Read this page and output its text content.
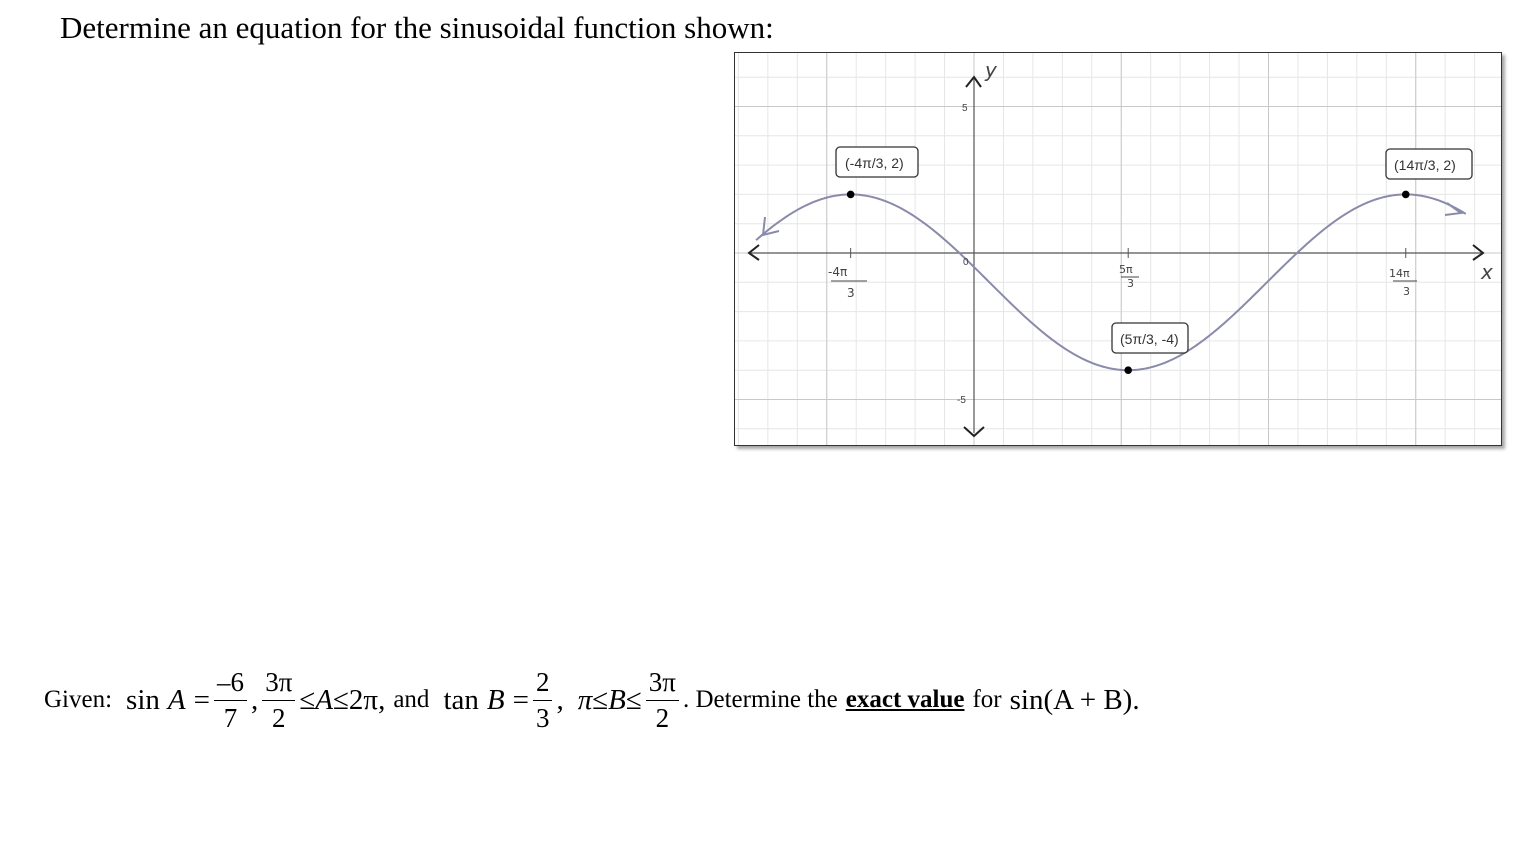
Determine an equation for the sinusoidal function shown:
y
x
5
-5
0
-4π
3
5π
3
14π
3
(-4π/3, 2)
(5π/3, -4)
(14π/3, 2)
Given: $\sin A = \frac{-6}{7}$ , $\frac{3\pi}{2} \le A \le 2\pi$ , and $\tan B = \frac{2}{3}$ , $\pi \le B \le \frac{3\pi}{2}$ . Determine the exact value for sin(A + B) .
